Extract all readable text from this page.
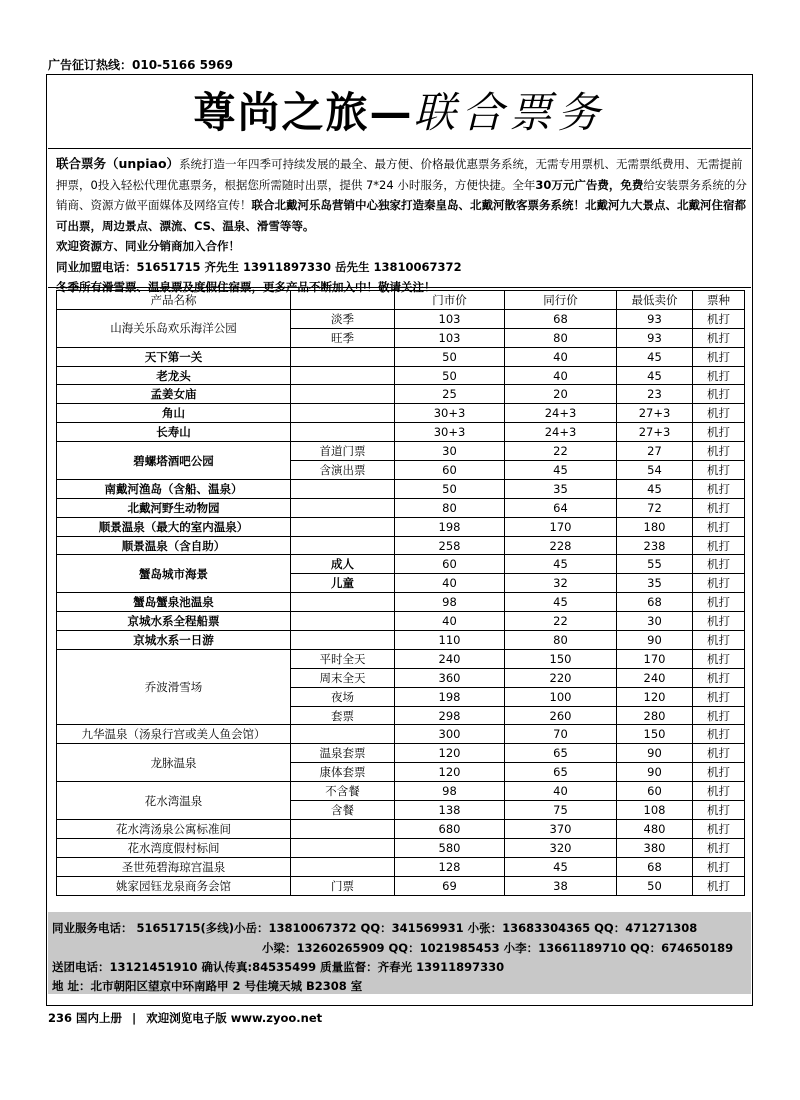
广告征订热线：010-5166 5969
尊尚之旅—联合票务
联合票务（unpiao）系统打造一年四季可持续发展的最全、最方便、价格最优惠票务系统，无需专用票机、无需票纸费用、无需提前押票，0投入轻松代理优惠票务，根据您所需随时出票，提供 7*24 小时服务，方便快捷。全年30万元广告费，免费给安装票务系统的分销商、资源方做平面媒体及网络宣传！联合北戴河乐岛营销中心独家打造秦皇岛、北戴河散客票务系统！北戴河九大景点、北戴河住宿都可出票，周边景点、漂流、CS、温泉、滑雪等等。
欢迎资源方、同业分销商加入合作！
同业加盟电话：51651715 齐先生 13911897330 岳先生 13810067372
冬季所有滑雪票、温泉票及度假住宿票，更多产品不断加入中！敬请关注！
产品名称		门市价	同行价	最低卖价	票种
山海关乐岛欢乐海洋公园	淡季	103	68	93	机打
	旺季	103	80	93	机打
天下第一关		50	40	45	机打
老龙头		50	40	45	机打
孟姜女庙		25	20	23	机打
角山		30+3	24+3	27+3	机打
长寿山		30+3	24+3	27+3	机打
碧螺塔酒吧公园	首道门票	30	22	27	机打
	含演出票	60	45	54	机打
南戴河渔岛（含船、温泉）		50	35	45	机打
北戴河野生动物园		80	64	72	机打
顺景温泉（最大的室内温泉）		198	170	180	机打
顺景温泉（含自助）		258	228	238	机打
蟹岛城市海景	成人	60	45	55	机打
	儿童	40	32	35	机打
蟹岛蟹泉池温泉		98	45	68	机打
京城水系全程船票		40	22	30	机打
京城水系一日游		110	80	90	机打
乔波滑雪场	平时全天	240	150	170	机打
	周末全天	360	220	240	机打
	夜场	198	100	120	机打
	套票	298	260	280	机打
九华温泉（汤泉行宫或美人鱼会馆）		300	70	150	机打
龙脉温泉	温泉套票	120	65	90	机打
	康体套票	120	65	90	机打
花水湾温泉	不含餐	98	40	60	机打
	含餐	138	75	108	机打
花水湾汤泉公寓标准间		680	370	480	机打
花水湾度假村标间		580	320	380	机打
圣世苑碧海琼宫温泉		128	45	68	机打
姚家园钰龙泉商务会馆	门票	69	38	50	机打
同业服务电话： 51651715(多线)小岳：13810067372 QQ：341569931 小张：13683304365 QQ：471271308
小梁：13260265909 QQ：1021985453 小李：13661189710 QQ：674650189
送团电话：13121451910 确认传真:84535499 质量监督：齐春光 13911897330
地 址：北市朝阳区望京中环南路甲 2 号佳境天城 B2308 室
236 国内上册 | 欢迎浏览电子版 www.zyoo.net
